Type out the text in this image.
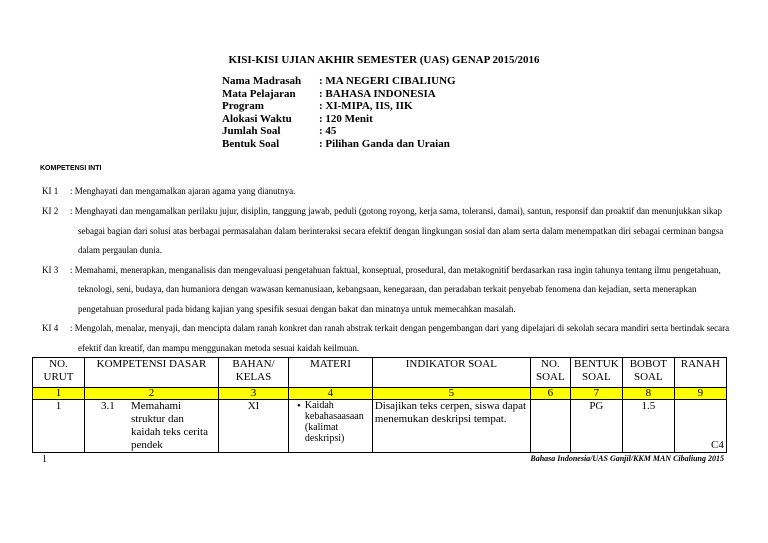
KISI-KISI UJIAN AKHIR SEMESTER (UAS) GENAP 2015/2016
Nama Madrasah : MA NEGERI CIBALIUNG
Mata Pelajaran : BAHASA INDONESIA
Program	: XI-MIPA, IIS, IIK
Alokasi Waktu : 120 Menit
Jumlah Soal	: 45
Bentuk Soal	: Pilihan Ganda dan Uraian
KOMPETENSI INTI
KI 1 : Menghayati dan mengamalkan ajaran agama yang dianutnya.
KI 2 : Menghayati dan mengamalkan perilaku jujur, disiplin, tanggung jawab, peduli (gotong royong, kerja sama, toleransi, damai), santun, responsif dan proaktif dan menunjukkan sikap
sebagai bagian dari solusi atas berbagai permasalahan dalam berinteraksi secara efektif dengan lingkungan sosial dan alam serta dalam menempatkan diri sebagai cerminan bangsa
dalam pergaulan dunia.
KI 3 : Memahami, menerapkan, menganalisis dan mengevaluasi pengetahuan faktual, konseptual, prosedural, dan metakognitif berdasarkan rasa ingin tahunya tentang ilmu pengetahuan,
teknologi, seni, budaya, dan humaniora dengan wawasan kemanusiaan, kebangsaan, kenegaraan, dan peradaban terkait penyebab fenomena dan kejadian, serta menerapkan
pengetahuan prosedural pada bidang kajian yang spesifik sesuai dengan bakat dan minatnya untuk memecahkan masalah.
KI 4 : Mengolah, menalar, menyaji, dan mencipta dalam ranah konkret dan ranah abstrak terkait dengan pengembangan dari yang dipelajari di sekolah secara mandiri serta bertindak secara
efektif dan kreatif, dan mampu menggunakan metoda sesuai kaidah keilmuan.
NO. URUT	KOMPETENSI DASAR	BAHAN/ KELAS	MATERI	INDIKATOR SOAL	NO. SOAL	BENTUK SOAL	BOBOT SOAL	RANAH
1	2	3	4	5	6	7	8	9
1	3.1 Memahami struktur dan kaidah teks cerita pendek	XI	• Kaidah kebahasaasaan (kalimat deskripsi)	Disajikan teks cerpen, siswa dapat menemukan deskripsi tempat.		PG	1.5	C4
1	Bahasa Indonesia/UAS Ganjil/KKM MAN Cibaliung 2015
